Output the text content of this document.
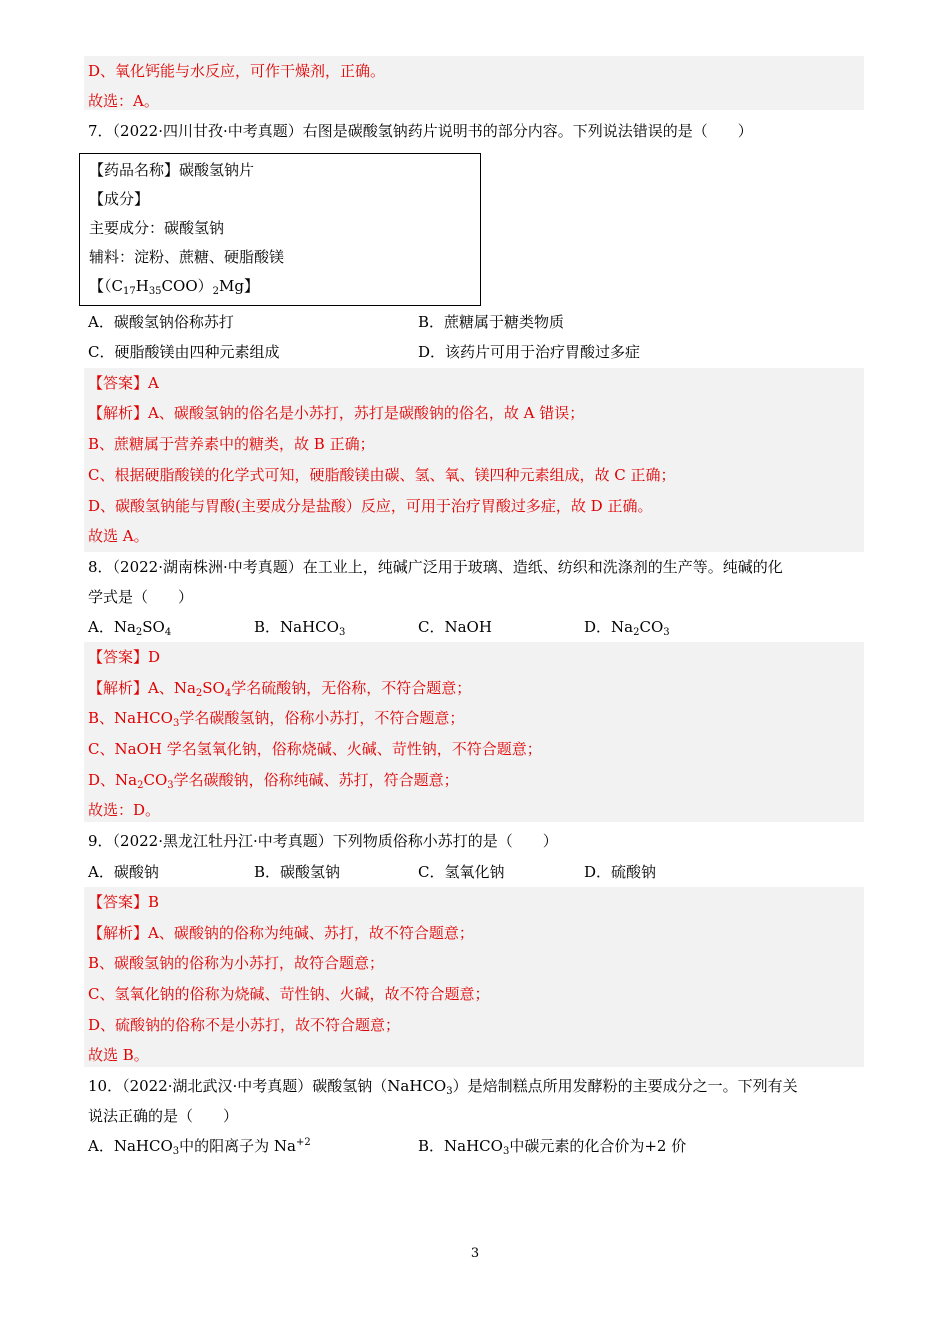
D、氧化钙能与水反应，可作干燥剂，正确。
故选：A。
7．（2022·四川甘孜·中考真题）右图是碳酸氢钠药片说明书的部分内容。下列说法错误的是（　　）
【药品名称】碳酸氢钠片
【成分】
主要成分：碳酸氢钠
辅料：淀粉、蔗糖、硬脂酸镁
【$(C_{17}H_{35}COO)_2Mg$】
A．碳酸氢钠俗称苏打	B．蔗糖属于糖类物质
C．硬脂酸镁由四种元素组成	D．该药片可用于治疗胃酸过多症
【答案】A
【解析】A、碳酸氢钠的俗名是小苏打，苏打是碳酸钠的俗名，故 A 错误；
B、蔗糖属于营养素中的糖类，故 B 正确；
C、根据硬脂酸镁的化学式可知，硬脂酸镁由碳、氢、氧、镁四种元素组成，故 C 正确；
D、碳酸氢钠能与胃酸(主要成分是盐酸）反应，可用于治疗胃酸过多症，故 D 正确。
故选 A。
8．（2022·湖南株洲·中考真题）在工业上，纯碱广泛用于玻璃、造纸、纺织和洗涤剂的生产等。纯碱的化
学式是（　　）
A．$Na_2SO_4$	B．NaHCO$_3$	C．NaOH	D．$Na_2CO_3$
【答案】D
【解析】A、$Na_2SO_4$学名硫酸钠，无俗称，不符合题意；
B、NaHCO$_3$学名碳酸氢钠，俗称小苏打，不符合题意；
C、NaOH 学名氢氧化钠，俗称烧碱、火碱、苛性钠，不符合题意；
D、$Na_2CO_3$学名碳酸钠，俗称纯碱、苏打，符合题意；
故选：D。
9．（2022·黑龙江牡丹江·中考真题）下列物质俗称小苏打的是（　　）
A．碳酸钠	B．碳酸氢钠	C．氢氧化钠	D．硫酸钠
【答案】B
【解析】A、碳酸钠的俗称为纯碱、苏打，故不符合题意；
B、碳酸氢钠的俗称为小苏打，故符合题意；
C、氢氧化钠的俗称为烧碱、苛性钠、火碱，故不符合题意；
D、硫酸钠的俗称不是小苏打，故不符合题意；
故选 B。
10．（2022·湖北武汉·中考真题）碳酸氢钠（NaHCO$_3$）是焙制糕点所用发酵粉的主要成分之一。下列有关
说法正确的是（　　）
A．NaHCO$_3$中的阳离子为 $Na^{+2}$	B．NaHCO$_3$中碳元素的化合价为+2 价
3
